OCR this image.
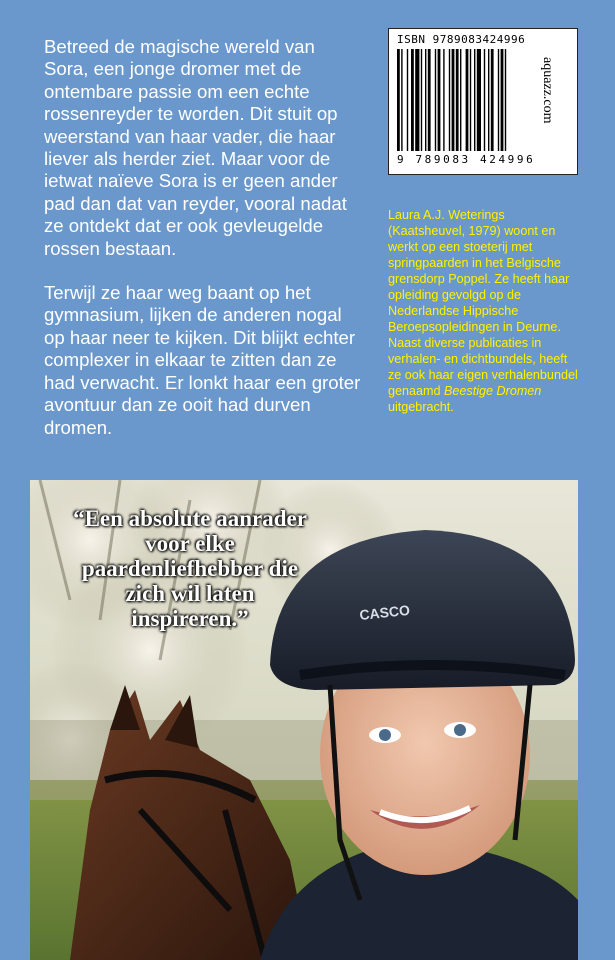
Betreed de magische wereld van Sora, een jonge dromer met de ontembare passie om een echte rossenreyder te worden. Dit stuit op weerstand van haar vader, die haar liever als herder ziet. Maar voor de ietwat naïeve Sora is er geen ander pad dan dat van reyder, vooral nadat ze ontdekt dat er ook gevleugelde rossen bestaan.

Terwijl ze haar weg baant op het gymnasium, lijken de anderen nogal op haar neer te kijken. Dit blijkt echter complexer in elkaar te zitten dan ze had verwacht. Er lonkt haar een groter avontuur dan ze ooit had durven dromen.

ISBN 9789083424996
9 789083 424996
aquazz.com
Laura A.J. Weterings (Kaatsheuvel, 1979) woont en werkt op een stoeterij met springpaarden in het Belgische grensdorp Poppel. Ze heeft haar opleiding gevolgd op de Nederlandse Hippische Beroepsopleidingen in Deurne. Naast diverse publicaties in verhalen- en dichtbundels, heeft ze ook haar eigen verhalenbundel genaamd Beestige Dromen uitgebracht.
CASCO
“Een absolute aanrader voor elke paardenliefhebber die zich wil laten inspireren.”
